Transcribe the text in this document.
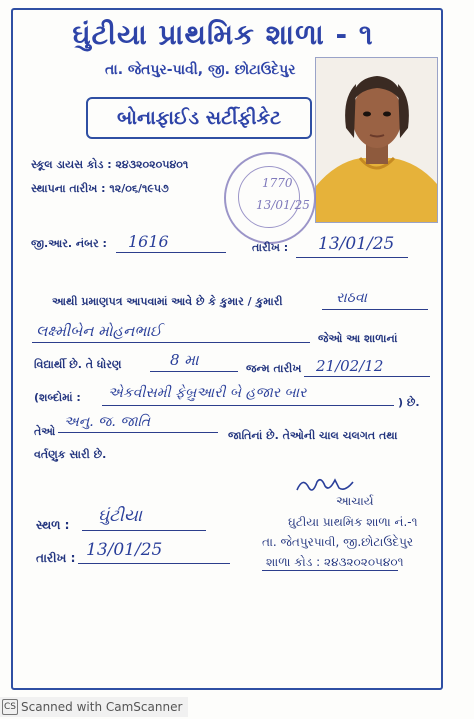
ઘુંટીયા પ્રાથમિક શાળા - ૧
તા. જેતપુર-પાવી, જી. છોટાઉદેપુર
બોનાફાઈડ સર્ટીફીકેટ
સ્કૂલ ડાયસ કોડ : ૨૪૩૨૦૨૦૫૪૦૧
સ્થાપના તારીખ : ૧૨/૦૬/૧૯૫૭	1770
13/01/25
જી.આર. નંબર : 1616	તારીખ : 13/01/25
આથી પ્રમાણપત્ર આપવામાં આવે છે કે કુમાર / કુમારી	રાઠવા
લક્ષ્મીબેન મોહનભાઈ	જેઓ આ શાળાનાં
વિદ્યાર્થી છે. તે ધોરણ	8 મા	જન્મ તારીખ 21/02/12
(શબ્દોમાં : એકવીસમી ફેબ્રુઆરી બે હજાર બાર
) છે.
તેઓ
અનુ. જ. જાતિ
જાતિનાં છે. તેઓની ચાલ ચલગત તથા
વર્તણુક સારી છે.
આચાર્ય
ઘુટીયા પ્રાથમિક શાળા નં.-૧
તા. જેતપુરપાવી, જી.છોટાઉદેપુર
શાળા કોડ : ૨૪૩૨૦૨૦૫૪૦૧
સ્થળ : ઘુંટીયા
તારીખ : 13/01/25
CS Scanned with CamScanner
